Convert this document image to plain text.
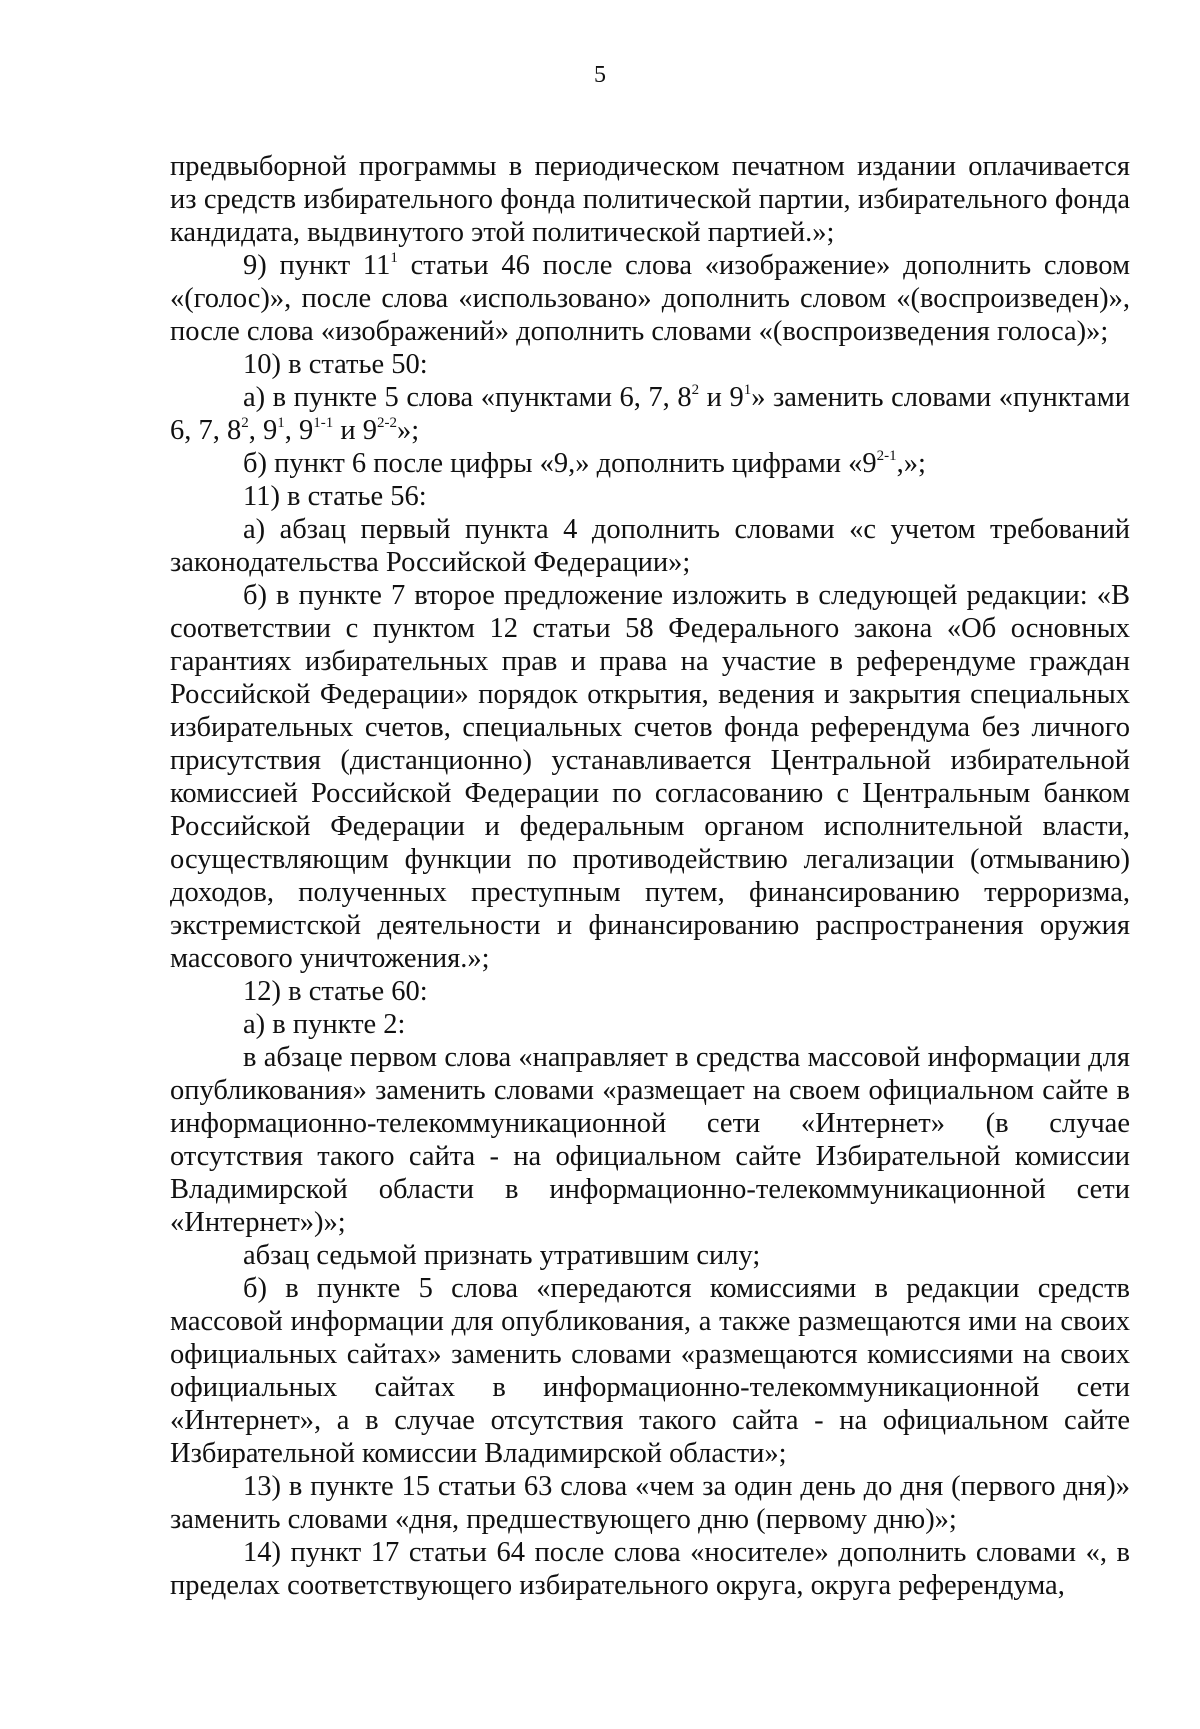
5

предвыборной программы в периодическом печатном издании оплачивается из средств избирательного фонда политической партии, избирательного фонда кандидата, выдвинутого этой политической партией.»;

9) пункт $11^1$ статьи 46 после слова «изображение» дополнить словом «(голос)», после слова «использовано» дополнить словом «(воспроизведен)», после слова «изображений» дополнить словами «(воспроизведения голоса)»;

10) в статье 50:

а) в пункте 5 слова «пунктами 6, 7, $8^2$ и $9^1$» заменить словами «пунктами 6, 7, $8^2$, $9^1$, 9$^{1-1}$ и 9$^{2-2}$»;

б) пункт 6 после цифры «9,» дополнить цифрами «9$^{2-1}$,»;

11) в статье 56:

а) абзац первый пункта 4 дополнить словами «с учетом требований законодательства Российской Федерации»;

б) в пункте 7 второе предложение изложить в следующей редакции: «В соответствии с пунктом 12 статьи 58 Федерального закона «Об основных гарантиях избирательных прав и права на участие в референдуме граждан Российской Федерации» порядок открытия, ведения и закрытия специальных избирательных счетов, специальных счетов фонда референдума без личного присутствия (дистанционно) устанавливается Центральной избирательной комиссией Российской Федерации по согласованию с Центральным банком Российской Федерации и федеральным органом исполнительной власти, осуществляющим функции по противодействию легализации (отмыванию) доходов, полученных преступным путем, финансированию терроризма, экстремистской деятельности и финансированию распространения оружия массового уничтожения.»;

12) в статье 60:

а) в пункте 2:

в абзаце первом слова «направляет в средства массовой информации для опубликования» заменить словами «размещает на своем официальном сайте в информационно-телекоммуникационной сети «Интернет» (в случае отсутствия такого сайта - на официальном сайте Избирательной комиссии Владимирской области в информационно-телекоммуникационной сети «Интернет»)»;

абзац седьмой признать утратившим силу;

б) в пункте 5 слова «передаются комиссиями в редакции средств массовой информации для опубликования, а также размещаются ими на своих официальных сайтах» заменить словами «размещаются комиссиями на своих официальных сайтах в информационно-телекоммуникационной сети «Интернет», а в случае отсутствия такого сайта - на официальном сайте Избирательной комиссии Владимирской области»;

13) в пункте 15 статьи 63 слова «чем за один день до дня (первого дня)» заменить словами «дня, предшествующего дню (первому дню)»;

14) пункт 17 статьи 64 после слова «носителе» дополнить словами «, в пределах соответствующего избирательного округа, округа референдума,
